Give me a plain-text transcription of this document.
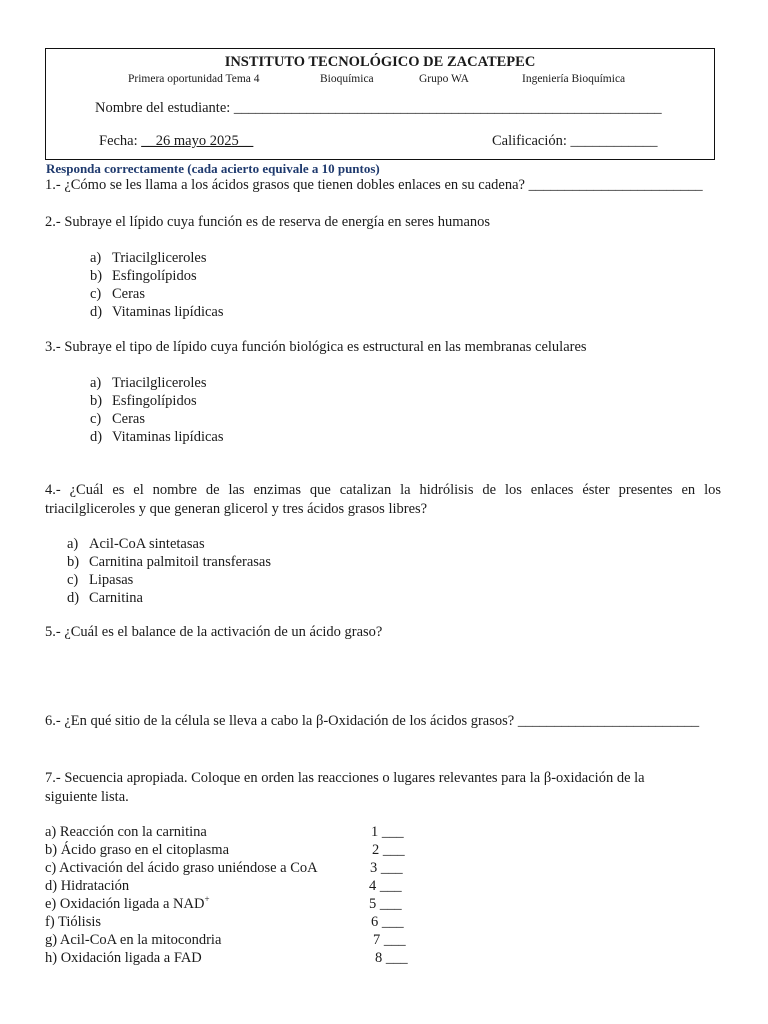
INSTITUTO TECNOLÓGICO DE ZACATEPEC
Primera oportunidad Tema 4	Bioquímica	Grupo WA	Ingeniería Bioquímica
Nombre del estudiante: ___________________________________________________________
Fecha: __26 mayo 2025__	Calificación: ____________
Responda correctamente (cada acierto equivale a 10 puntos)
1.- ¿Cómo se les llama a los ácidos grasos que tienen dobles enlaces en su cadena? ________________________
2.- Subraye el lípido cuya función es de reserva de energía en seres humanos
a) Triacilgliceroles
b) Esfingolípidos
c) Ceras
d) Vitaminas lipídicas
3.- Subraye el tipo de lípido cuya función biológica es estructural en las membranas celulares
a) Triacilgliceroles
b) Esfingolípidos
c) Ceras
d) Vitaminas lipídicas
4.- ¿Cuál es el nombre de las enzimas que catalizan la hidrólisis de los enlaces éster presentes en los
triacilgliceroles y que generan glicerol y tres ácidos grasos libres?
a) Acil-CoA sintetasas
b) Carnitina palmitoil transferasas
c) Lipasas
d) Carnitina
5.- ¿Cuál es el balance de la activación de un ácido graso?
6.- ¿En qué sitio de la célula se lleva a cabo la β-Oxidación de los ácidos grasos? _________________________
7.- Secuencia apropiada. Coloque en orden las reacciones o lugares relevantes para la β-oxidación de la
siguiente lista.
a) Reacción con la carnitina	1 ___
b) Ácido graso en el citoplasma	2 ___
c) Activación del ácido graso uniéndose a CoA	3 ___
d) Hidratación	4 ___
e) Oxidación ligada a NAD+	5 ___
f) Tiólisis	6 ___
g) Acil-CoA en la mitocondria	7 ___
h) Oxidación ligada a FAD	8 ___
